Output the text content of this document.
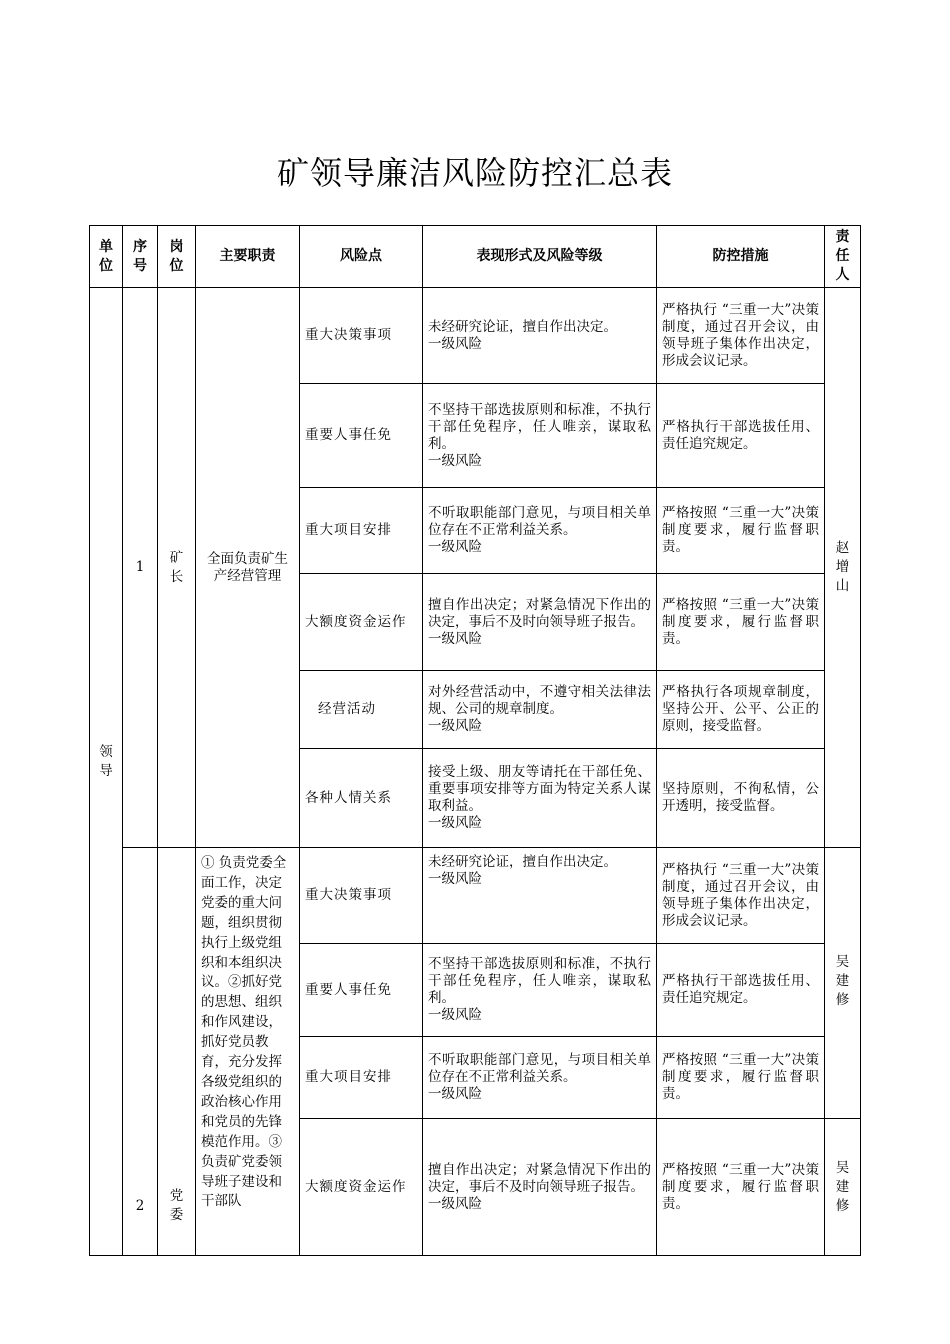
矿领导廉洁风险防控汇总表
单位	序号	岗位	主要职责	风险点	表现形式及风险等级	防控措施	责任人
领导	1	矿长	全面负责矿生产经营管理	重大决策事项	未经研究论证，擅自作出决定。
一级风险	严格执行 “三重一大”决策制度，通过召开会议，由领导班子集体作出决定，形成会议记录。	赵增山
				重要人事任免	不坚持干部选拔原则和标准，不执行干部任免程序，任人唯亲，谋取私利。
一级风险	严格执行干部选拔任用、责任追究规定。	
				重大项目安排	不听取职能部门意见，与项目相关单位存在不正常利益关系。
一级风险	严格按照 “三重一大”决策制度要求，履行监督职责。	
				大额度资金运作	擅自作出决定；对紧急情况下作出的决定，事后不及时向领导班子报告。
一级风险	严格按照 “三重一大”决策制度要求，履行监督职责。	
				经营活动	对外经营活动中，不遵守相关法律法规、公司的规章制度。
一级风险	严格执行各项规章制度，坚持公开、公平、公正的原则，接受监督。	
				各种人情关系	接受上级、朋友等请托在干部任免、重要事项安排等方面为特定关系人谋取利益。
一级风险	坚持原则，不徇私情，公开透明，接受监督。	
	2	党委	① 负责党委全面工作，决定党委的重大问题，组织贯彻执行上级党组织和本组织决议。②抓好党的思想、组织和作风建设，抓好党员教育，充分发挥各级党组织的政治核心作用和党员的先锋模范作用。③负责矿党委领导班子建设和干部队	重大决策事项	未经研究论证，擅自作出决定。
一级风险	严格执行 “三重一大”决策制度，通过召开会议，由领导班子集体作出决定，形成会议记录。	吴建修
				重要人事任免	不坚持干部选拔原则和标准，不执行干部任免程序，任人唯亲，谋取私利。
一级风险	严格执行干部选拔任用、责任追究规定。	
				重大项目安排	不听取职能部门意见，与项目相关单位存在不正常利益关系。
一级风险	严格按照 “三重一大”决策制度要求，履行监督职责。	
				大额度资金运作	擅自作出决定；对紧急情况下作出的决定，事后不及时向领导班子报告。
一级风险	严格按照 “三重一大”决策制度要求，履行监督职责。	吴建修
